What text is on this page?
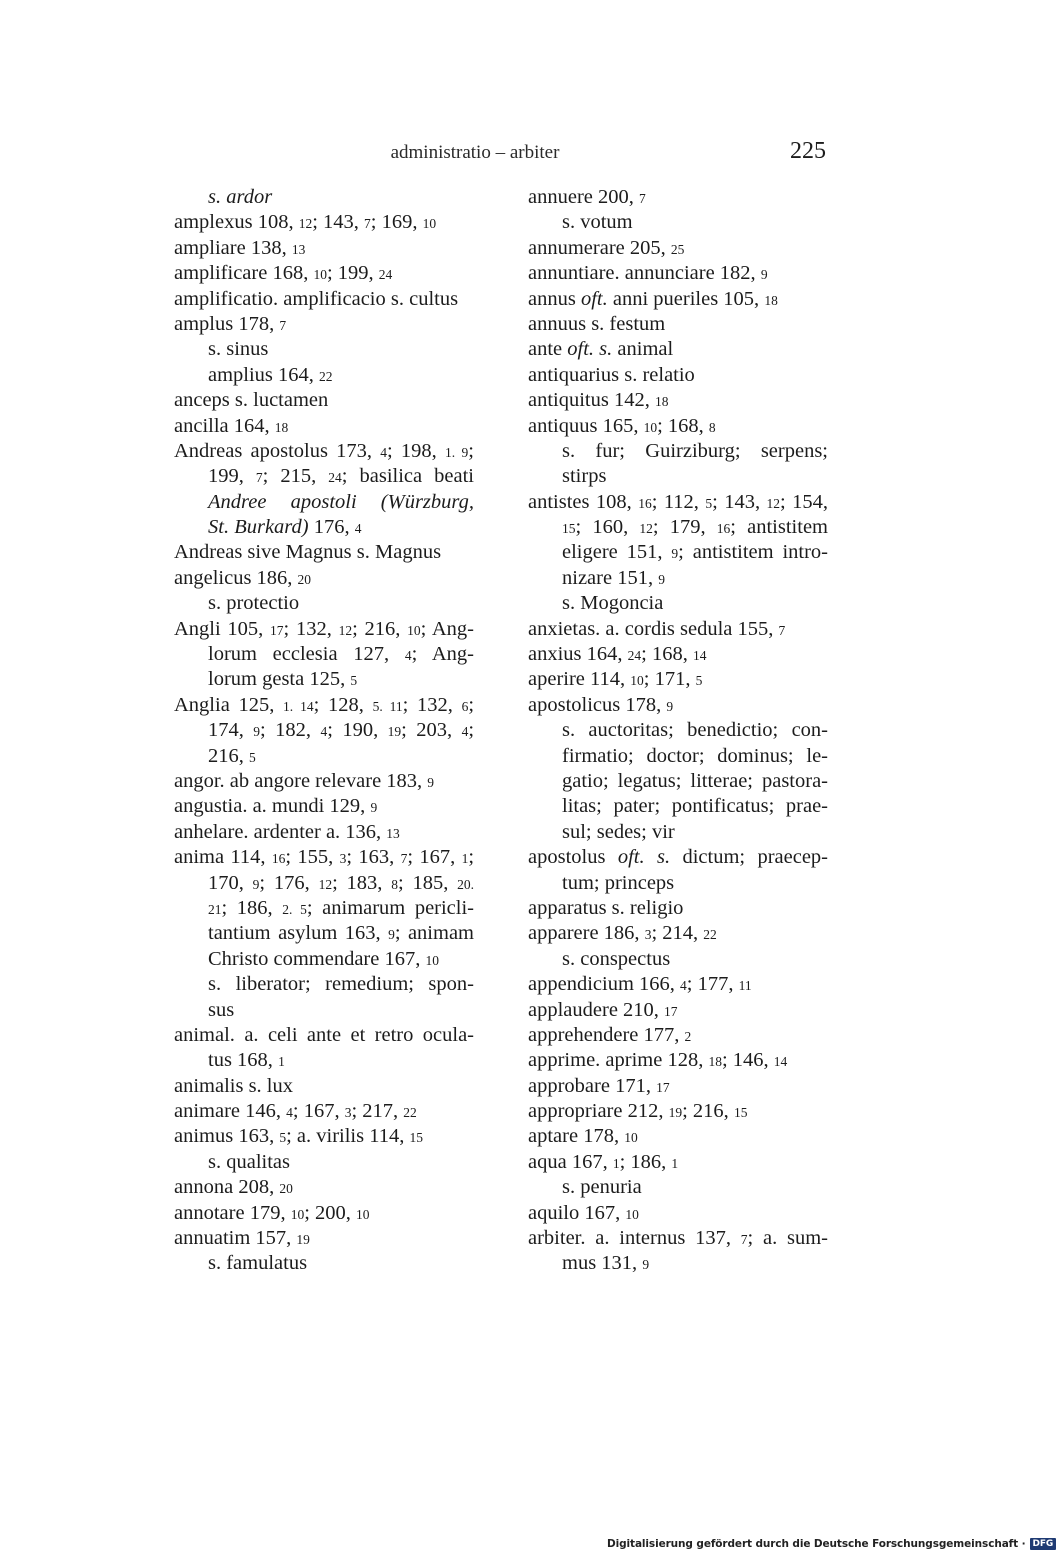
administratio – arbiter	225
s. ardor
amplexus 108, 12; 143, 7; 169, 10
ampliare 138, 13
amplificare 168, 10; 199, 24
amplificatio. amplificacio s. cultus
amplus 178, 7
s. sinus
amplius 164, 22
anceps s. luctamen
ancilla 164, 18
Andreas apostolus 173, 4; 198, 1. 9;
199, 7; 215, 24; basilica beati
Andree apostoli (Würzburg,
St. Burkard) 176, 4
Andreas sive Magnus s. Magnus
angelicus 186, 20
s. protectio
Angli 105, 17; 132, 12; 216, 10; Ang-
lorum ecclesia 127, 4; Ang-
lorum gesta 125, 5
Anglia 125, 1. 14; 128, 5. 11; 132, 6;
174, 9; 182, 4; 190, 19; 203, 4;
216, 5
angor. ab angore relevare 183, 9
angustia. a. mundi 129, 9
anhelare. ardenter a. 136, 13
anima 114, 16; 155, 3; 163, 7; 167, 1;
170, 9; 176, 12; 183, 8; 185, 20.
21; 186, 2. 5; animarum pericli-
tantium asylum 163, 9; animam
Christo commendare 167, 10
s. liberator; remedium; spon-
sus
animal. a. celi ante et retro ocula-
tus 168, 1
animalis s. lux
animare 146, 4; 167, 3; 217, 22
animus 163, 5; a. virilis 114, 15
s. qualitas
annona 208, 20
annotare 179, 10; 200, 10
annuatim 157, 19
s. famulatus
annuere 200, 7
s. votum
annumerare 205, 25
annuntiare. annunciare 182, 9
annus oft. anni pueriles 105, 18
annuus s. festum
ante oft. s. animal
antiquarius s. relatio
antiquitus 142, 18
antiquus 165, 10; 168, 8
s. fur; Guirziburg; serpens;
stirps
antistes 108, 16; 112, 5; 143, 12; 154,
15; 160, 12; 179, 16; antistitem
eligere 151, 9; antistitem intro-
nizare 151, 9
s. Mogoncia
anxietas. a. cordis sedula 155, 7
anxius 164, 24; 168, 14
aperire 114, 10; 171, 5
apostolicus 178, 9
s. auctoritas; benedictio; con-
firmatio; doctor; dominus; le-
gatio; legatus; litterae; pastora-
litas; pater; pontificatus; prae-
sul; sedes; vir
apostolus oft. s. dictum; praecep-
tum; princeps
apparatus s. religio
apparere 186, 3; 214, 22
s. conspectus
appendicium 166, 4; 177, 11
applaudere 210, 17
apprehendere 177, 2
apprime. aprime 128, 18; 146, 14
approbare 171, 17
appropriare 212, 19; 216, 15
aptare 178, 10
aqua 167, 1; 186, 1
s. penuria
aquilo 167, 10
arbiter. a. internus 137, 7; a. sum-
mus 131, 9
Digitalisierung gefördert durch die Deutsche Forschungsgemeinschaft · DFG
